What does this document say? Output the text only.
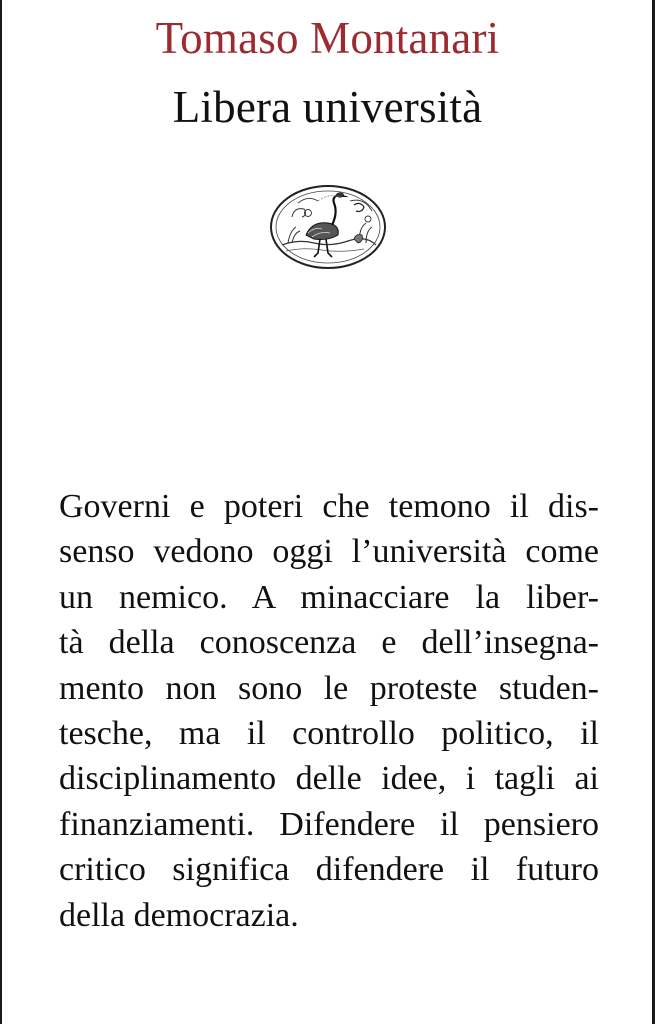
Tomaso Montanari
Libera università
Governi e poteri che temono il dis-
senso vedono oggi l’università come
un nemico. A minacciare la liber-
tà della conoscenza e dell’insegna-
mento non sono le proteste studen-
tesche, ma il controllo politico, il
disciplinamento delle idee, i tagli ai
finanziamenti. Difendere il pensiero
critico significa difendere il futuro
della democrazia.
